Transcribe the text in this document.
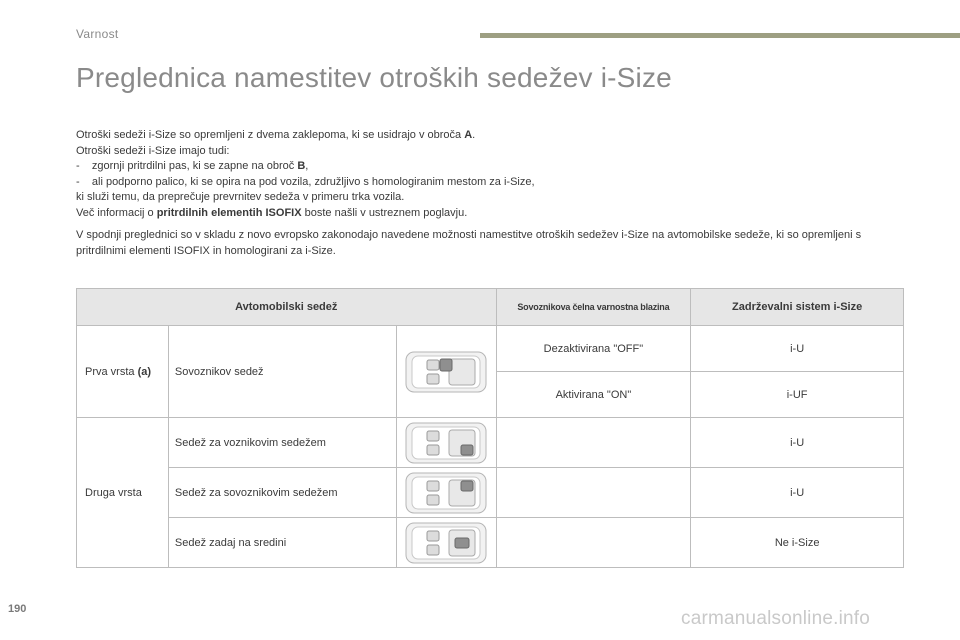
Varnost
Preglednica namestitev otroških sedežev i-Size
Otroški sedeži i-Size so opremljeni z dvema zaklepoma, ki se usidrajo v obroča A.
Otroški sedeži i-Size imajo tudi:
-    zgornji pritrdilni pas, ki se zapne na obroč B,
-    ali podporno palico, ki se opira na pod vozila, združljivo s homologiranim mestom za i-Size,
ki služi temu, da preprečuje prevrnitev sedeža v primeru trka vozila.
Več informacij o pritrdilnih elementih ISOFIX boste našli v ustreznem poglavju.
V spodnji preglednici so v skladu z novo evropsko zakonodajo navedene možnosti namestitve otroških sedežev i-Size na avtomobilske sedeže, ki so opremljeni s pritrdilnimi elementi ISOFIX in homologirani za i-Size.
Avtomobilski sedež			Sovoznikova čelna varnostna blazina	Zadrževalni sistem i-Size
Prva vrsta (a)	Sovoznikov sedež		Dezaktivirana "OFF"	i-U
			Aktivirana "ON"	i-UF
Druga vrsta	Sedež za voznikovim sedežem			i-U
	Sedež za sovoznikovim sedežem			i-U
	Sedež zadaj na sredini			Ne i-Size
190	carmanualsonline.info
